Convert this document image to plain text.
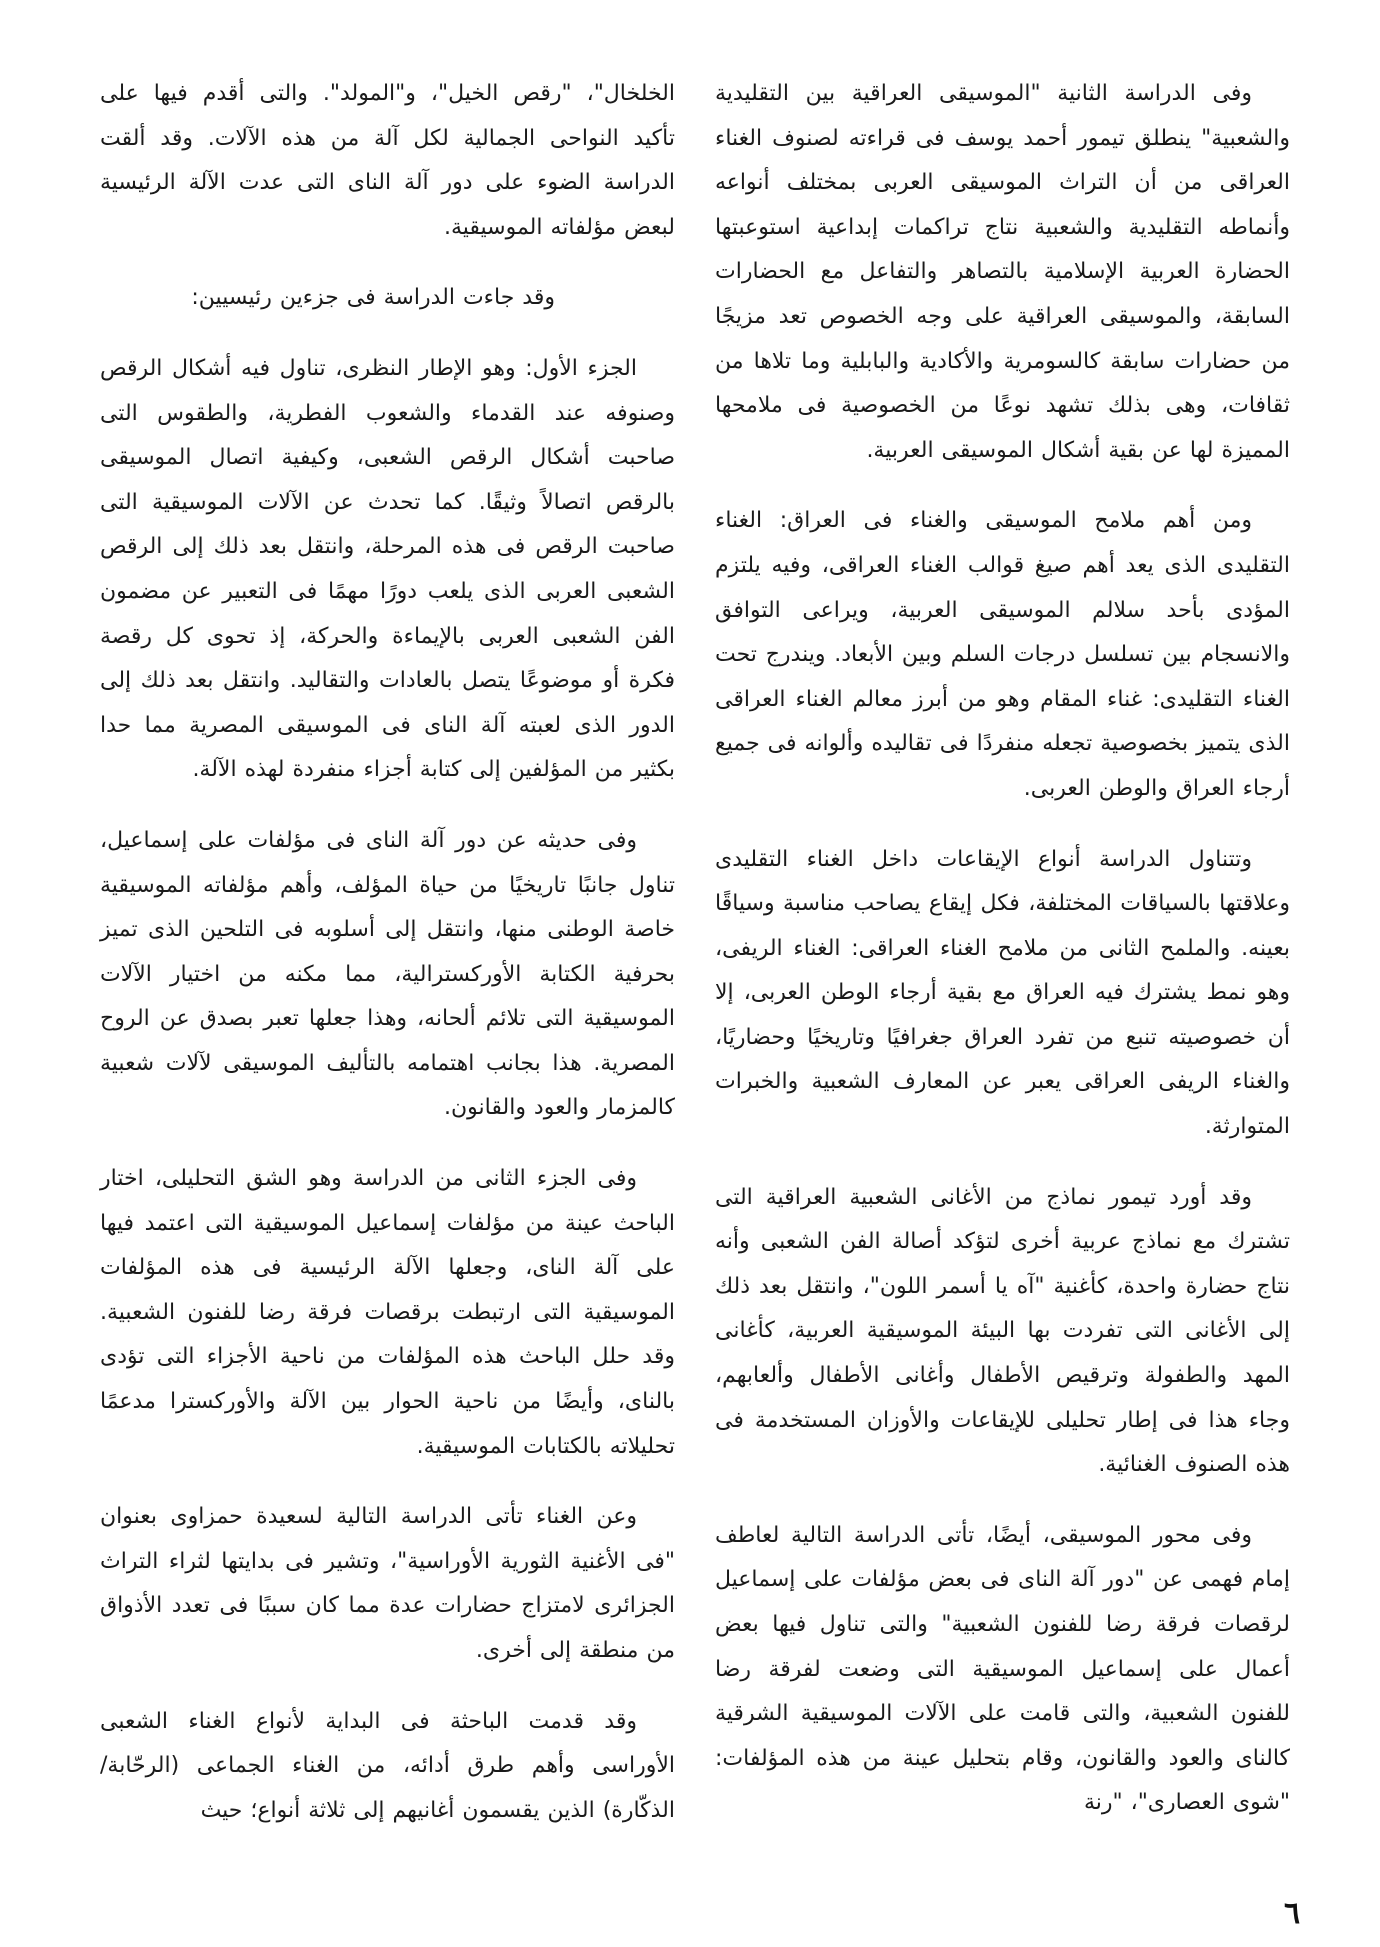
وفى الدراسة الثانية "الموسيقى العراقية بين التقليدية والشعبية" ينطلق تيمور أحمد يوسف فى قراءته لصنوف الغناء العراقى من أن التراث الموسيقى العربى بمختلف أنواعه وأنماطه التقليدية والشعبية نتاج تراكمات إبداعية استوعبتها الحضارة العربية الإسلامية بالتصاهر والتفاعل مع الحضارات السابقة، والموسيقى العراقية على وجه الخصوص تعد مزيجًا من حضارات سابقة كالسومرية والأكادية والبابلية وما تلاها من ثقافات، وهى بذلك تشهد نوعًا من الخصوصية فى ملامحها المميزة لها عن بقية أشكال الموسيقى العربية.

ومن أهم ملامح الموسيقى والغناء فى العراق: الغناء التقليدى الذى يعد أهم صيغ قوالب الغناء العراقى، وفيه يلتزم المؤدى بأحد سلالم الموسيقى العربية، ويراعى التوافق والانسجام بين تسلسل درجات السلم وبين الأبعاد. ويندرج تحت الغناء التقليدى: غناء المقام وهو من أبرز معالم الغناء العراقى الذى يتميز بخصوصية تجعله منفردًا فى تقاليده وألوانه فى جميع أرجاء العراق والوطن العربى.

وتتناول الدراسة أنواع الإيقاعات داخل الغناء التقليدى وعلاقتها بالسياقات المختلفة، فكل إيقاع يصاحب مناسبة وسياقًا بعينه. والملمح الثانى من ملامح الغناء العراقى: الغناء الريفى، وهو نمط يشترك فيه العراق مع بقية أرجاء الوطن العربى، إلا أن خصوصيته تنبع من تفرد العراق جغرافيًا وتاريخيًا وحضاريًا، والغناء الريفى العراقى يعبر عن المعارف الشعبية والخبرات المتوارثة.

وقد أورد تيمور نماذج من الأغانى الشعبية العراقية التى تشترك مع نماذج عربية أخرى لتؤكد أصالة الفن الشعبى وأنه نتاج حضارة واحدة، كأغنية "آه يا أسمر اللون"، وانتقل بعد ذلك إلى الأغانى التى تفردت بها البيئة الموسيقية العربية، كأغانى المهد والطفولة وترقيص الأطفال وأغانى الأطفال وألعابهم، وجاء هذا فى إطار تحليلى للإيقاعات والأوزان المستخدمة فى هذه الصنوف الغنائية.

وفى محور الموسيقى، أيضًا، تأتى الدراسة التالية لعاطف إمام فهمى عن "دور آلة الناى فى بعض مؤلفات على إسماعيل لرقصات فرقة رضا للفنون الشعبية" والتى تناول فيها بعض أعمال على إسماعيل الموسيقية التى وضعت لفرقة رضا للفنون الشعبية، والتى قامت على الآلات الموسيقية الشرقية كالناى والعود والقانون، وقام بتحليل عينة من هذه المؤلفات: "شوى العصارى"، "رنة

الخلخال"، "رقص الخيل"، و"المولد". والتى أقدم فيها على تأكيد النواحى الجمالية لكل آلة من هذه الآلات. وقد ألقت الدراسة الضوء على دور آلة الناى التى عدت الآلة الرئيسية لبعض مؤلفاته الموسيقية.

وقد جاءت الدراسة فى جزءين رئيسيين:

الجزء الأول: وهو الإطار النظرى، تناول فيه أشكال الرقص وصنوفه عند القدماء والشعوب الفطرية، والطقوس التى صاحبت أشكال الرقص الشعبى، وكيفية اتصال الموسيقى بالرقص اتصالاً وثيقًا. كما تحدث عن الآلات الموسيقية التى صاحبت الرقص فى هذه المرحلة، وانتقل بعد ذلك إلى الرقص الشعبى العربى الذى يلعب دورًا مهمًا فى التعبير عن مضمون الفن الشعبى العربى بالإيماءة والحركة، إذ تحوى كل رقصة فكرة أو موضوعًا يتصل بالعادات والتقاليد. وانتقل بعد ذلك إلى الدور الذى لعبته آلة الناى فى الموسيقى المصرية مما حدا بكثير من المؤلفين إلى كتابة أجزاء منفردة لهذه الآلة.

وفى حديثه عن دور آلة الناى فى مؤلفات على إسماعيل، تناول جانبًا تاريخيًا من حياة المؤلف، وأهم مؤلفاته الموسيقية خاصة الوطنى منها، وانتقل إلى أسلوبه فى التلحين الذى تميز بحرفية الكتابة الأوركسترالية، مما مكنه من اختيار الآلات الموسيقية التى تلائم ألحانه، وهذا جعلها تعبر بصدق عن الروح المصرية. هذا بجانب اهتمامه بالتأليف الموسيقى لآلات شعبية كالمزمار والعود والقانون.

وفى الجزء الثانى من الدراسة وهو الشق التحليلى، اختار الباحث عينة من مؤلفات إسماعيل الموسيقية التى اعتمد فيها على آلة الناى، وجعلها الآلة الرئيسية فى هذه المؤلفات الموسيقية التى ارتبطت برقصات فرقة رضا للفنون الشعبية. وقد حلل الباحث هذه المؤلفات من ناحية الأجزاء التى تؤدى بالناى، وأيضًا من ناحية الحوار بين الآلة والأوركسترا مدعمًا تحليلاته بالكتابات الموسيقية.

وعن الغناء تأتى الدراسة التالية لسعيدة حمزاوى بعنوان "فى الأغنية الثورية الأوراسية"، وتشير فى بدايتها لثراء التراث الجزائرى لامتزاج حضارات عدة مما كان سببًا فى تعدد الأذواق من منطقة إلى أخرى.

وقد قدمت الباحثة فى البداية لأنواع الغناء الشعبى الأوراسى وأهم طرق أدائه، من الغناء الجماعى (الرحّابة/ الذكّارة) الذين يقسمون أغانيهم إلى ثلاثة أنواع؛ حيث

٦
